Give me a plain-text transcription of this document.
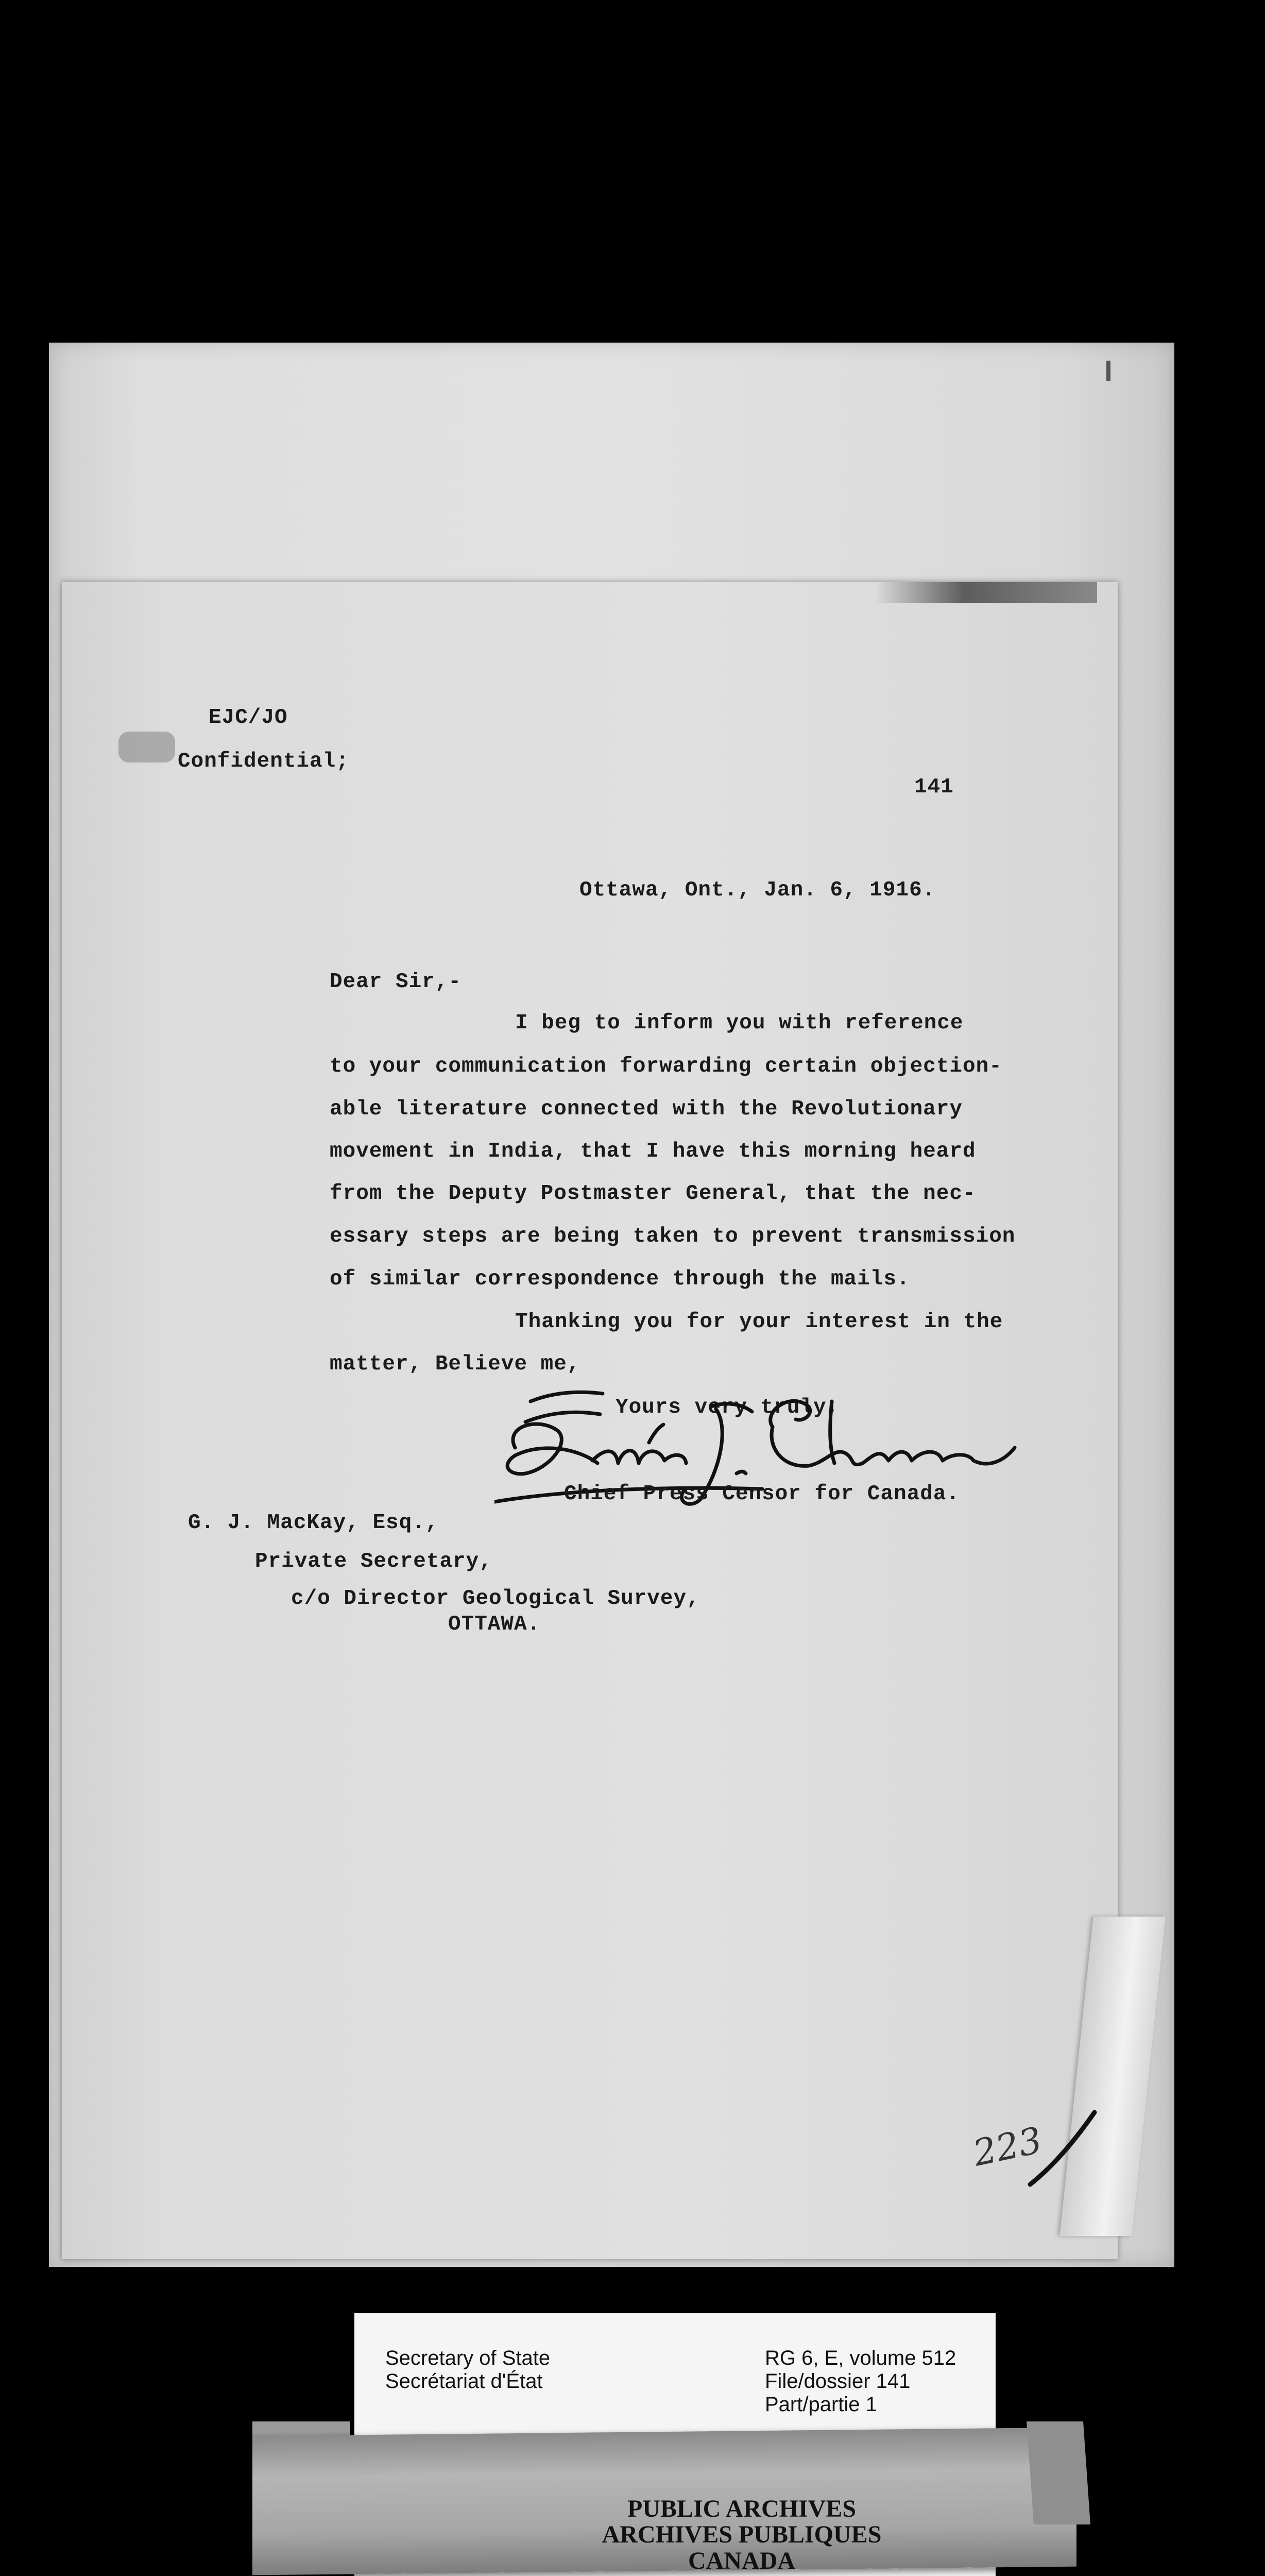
EJC/JO

Confidential;

141

Ottawa, Ont., Jan. 6, 1916.

Dear Sir,-

I beg to inform you with reference

to your communication forwarding certain objection-

able literature connected with the Revolutionary

movement in India, that I have this morning heard

from the Deputy Postmaster General, that the nec-

essary steps are being taken to prevent transmission

of similar correspondence through the mails.

Thanking you for your interest in the

matter, Believe me,

Yours very truly,

Chief Press Censor for Canada.

G. J. MacKay, Esq.,

Private Secretary,

c/o Director Geological Survey,

OTTAWA.

223
Secretary of State
Secrétariat d'État
RG 6, E, volume 512
File/dossier 141
Part/partie 1
PUBLIC ARCHIVES
ARCHIVES PUBLIQUES
CANADA
